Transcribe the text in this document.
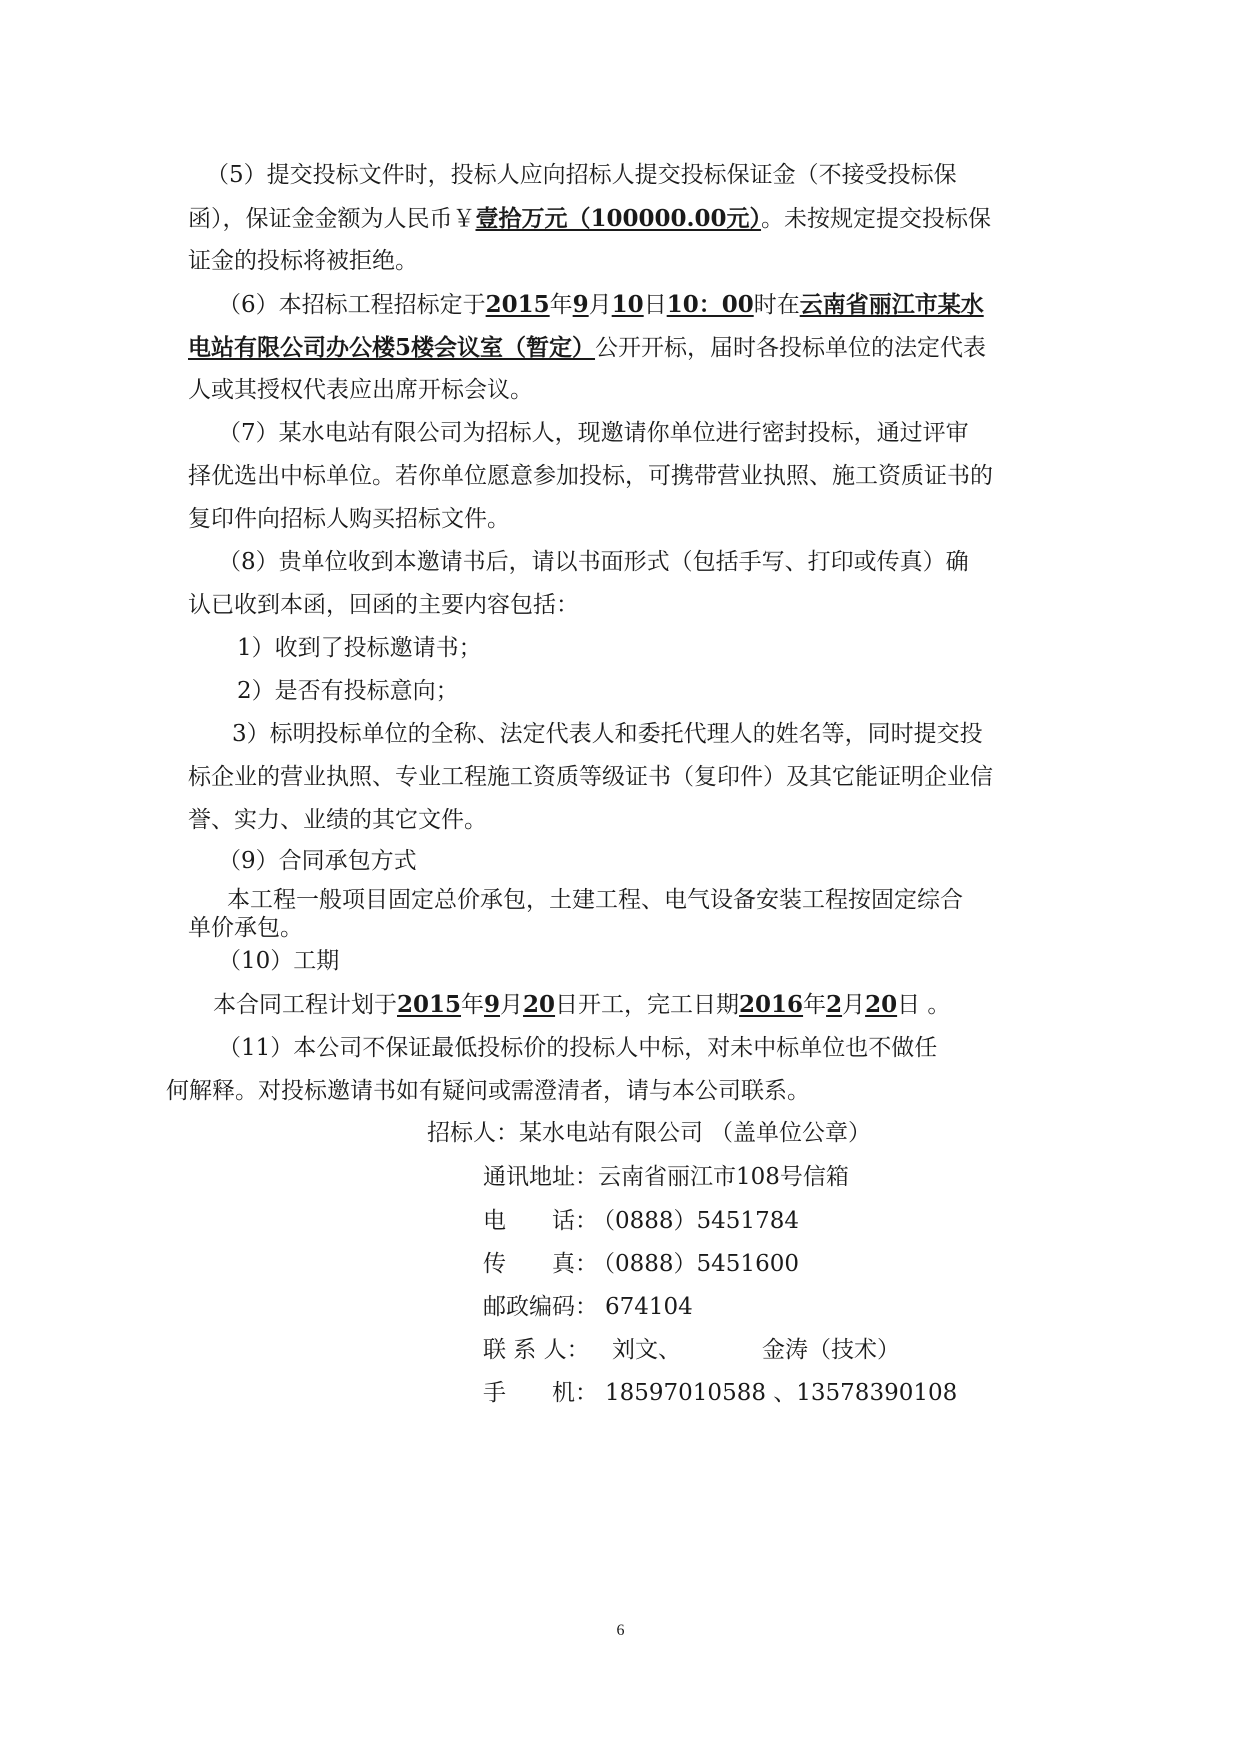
（5）提交投标文件时，投标人应向招标人提交投标保证金（不接受投标保
函），保证金金额为人民币￥壹拾万元（100000.00元）。未按规定提交投标保
证金的投标将被拒绝。
（6）本招标工程招标定于2015年9月10日10：00时在云南省丽江市某水
电站有限公司办公楼5楼会议室（暂定）公开开标，届时各投标单位的法定代表
人或其授权代表应出席开标会议。
（7）某水电站有限公司为招标人，现邀请你单位进行密封投标，通过评审
择优选出中标单位。若你单位愿意参加投标，可携带营业执照、施工资质证书的
复印件向招标人购买招标文件。
（8）贵单位收到本邀请书后，请以书面形式（包括手写、打印或传真）确
认已收到本函，回函的主要内容包括：
1）收到了投标邀请书；
2）是否有投标意向；
3）标明投标单位的全称、法定代表人和委托代理人的姓名等，同时提交投
标企业的营业执照、专业工程施工资质等级证书（复印件）及其它能证明企业信
誉、实力、业绩的其它文件。
（9）合同承包方式
本工程一般项目固定总价承包，土建工程、电气设备安装工程按固定综合
单价承包。
（10）工期
本合同工程计划于2015年9月20日开工，完工日期2016年2月20日 。
（11）本公司不保证最低投标价的投标人中标，对未中标单位也不做任
何解释。对投标邀请书如有疑问或需澄清者，请与本公司联系。
招标人：某水电站有限公司 （盖单位公章）
通讯地址： 云南省丽江市108号信箱
电　　话：
（0888）5451784
传　　真：
（0888）5451600
邮政编码： 674104
联 系 人： 刘文、	金涛（技术）
手　　机： 18597010588 、13578390108
6
